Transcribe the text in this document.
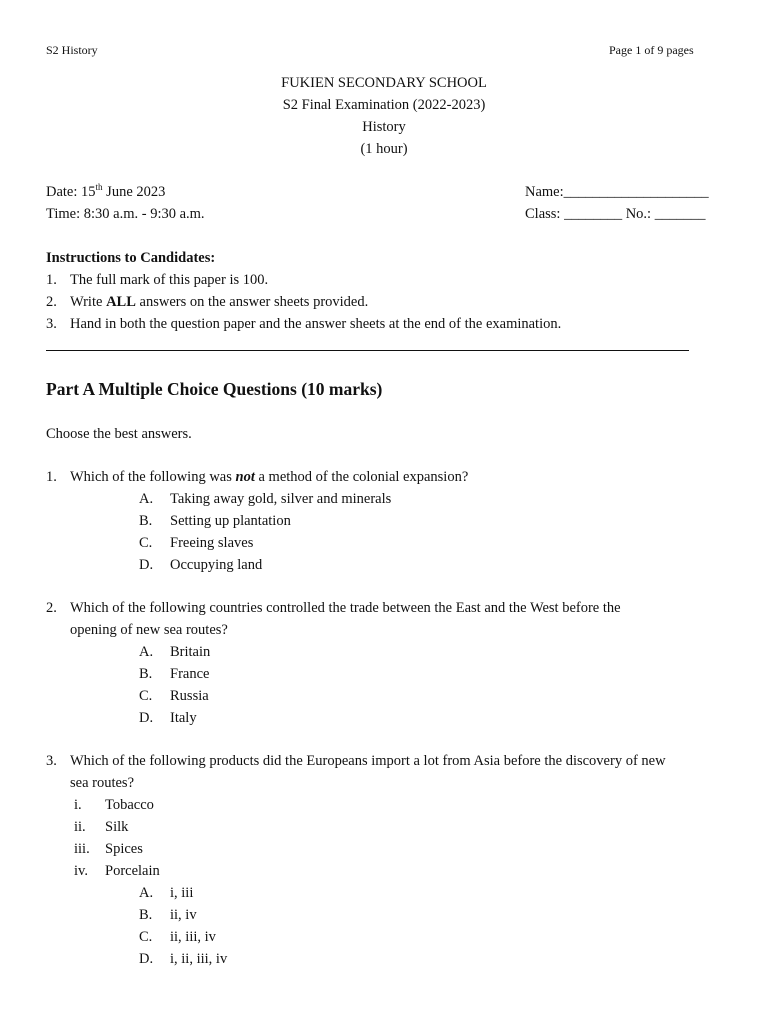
S2 History	Page 1 of 9 pages
FUKIEN SECONDARY SCHOOL
S2 Final Examination (2022-2023)
History
(1 hour)
Date: 15th June 2023	Name:____________________
Time: 8:30 a.m. - 9:30 a.m.	Class: ________ No.: _______
Instructions to Candidates:
1. The full mark of this paper is 100.
2. Write ALL answers on the answer sheets provided.
3. Hand in both the question paper and the answer sheets at the end of the examination.
Part A Multiple Choice Questions (10 marks)
Choose the best answers.
1. Which of the following was not a method of the colonial expansion?
A. Taking away gold, silver and minerals
B. Setting up plantation
C. Freeing slaves
D. Occupying land
2. Which of the following countries controlled the trade between the East and the West before the
opening of new sea routes?
A. Britain
B. France
C. Russia
D. Italy
3. Which of the following products did the Europeans import a lot from Asia before the discovery of new
sea routes?
i. Tobacco
ii. Silk
iii. Spices
iv. Porcelain
A. i, iii
B. ii, iv
C. ii, iii, iv
D. i, ii, iii, iv
